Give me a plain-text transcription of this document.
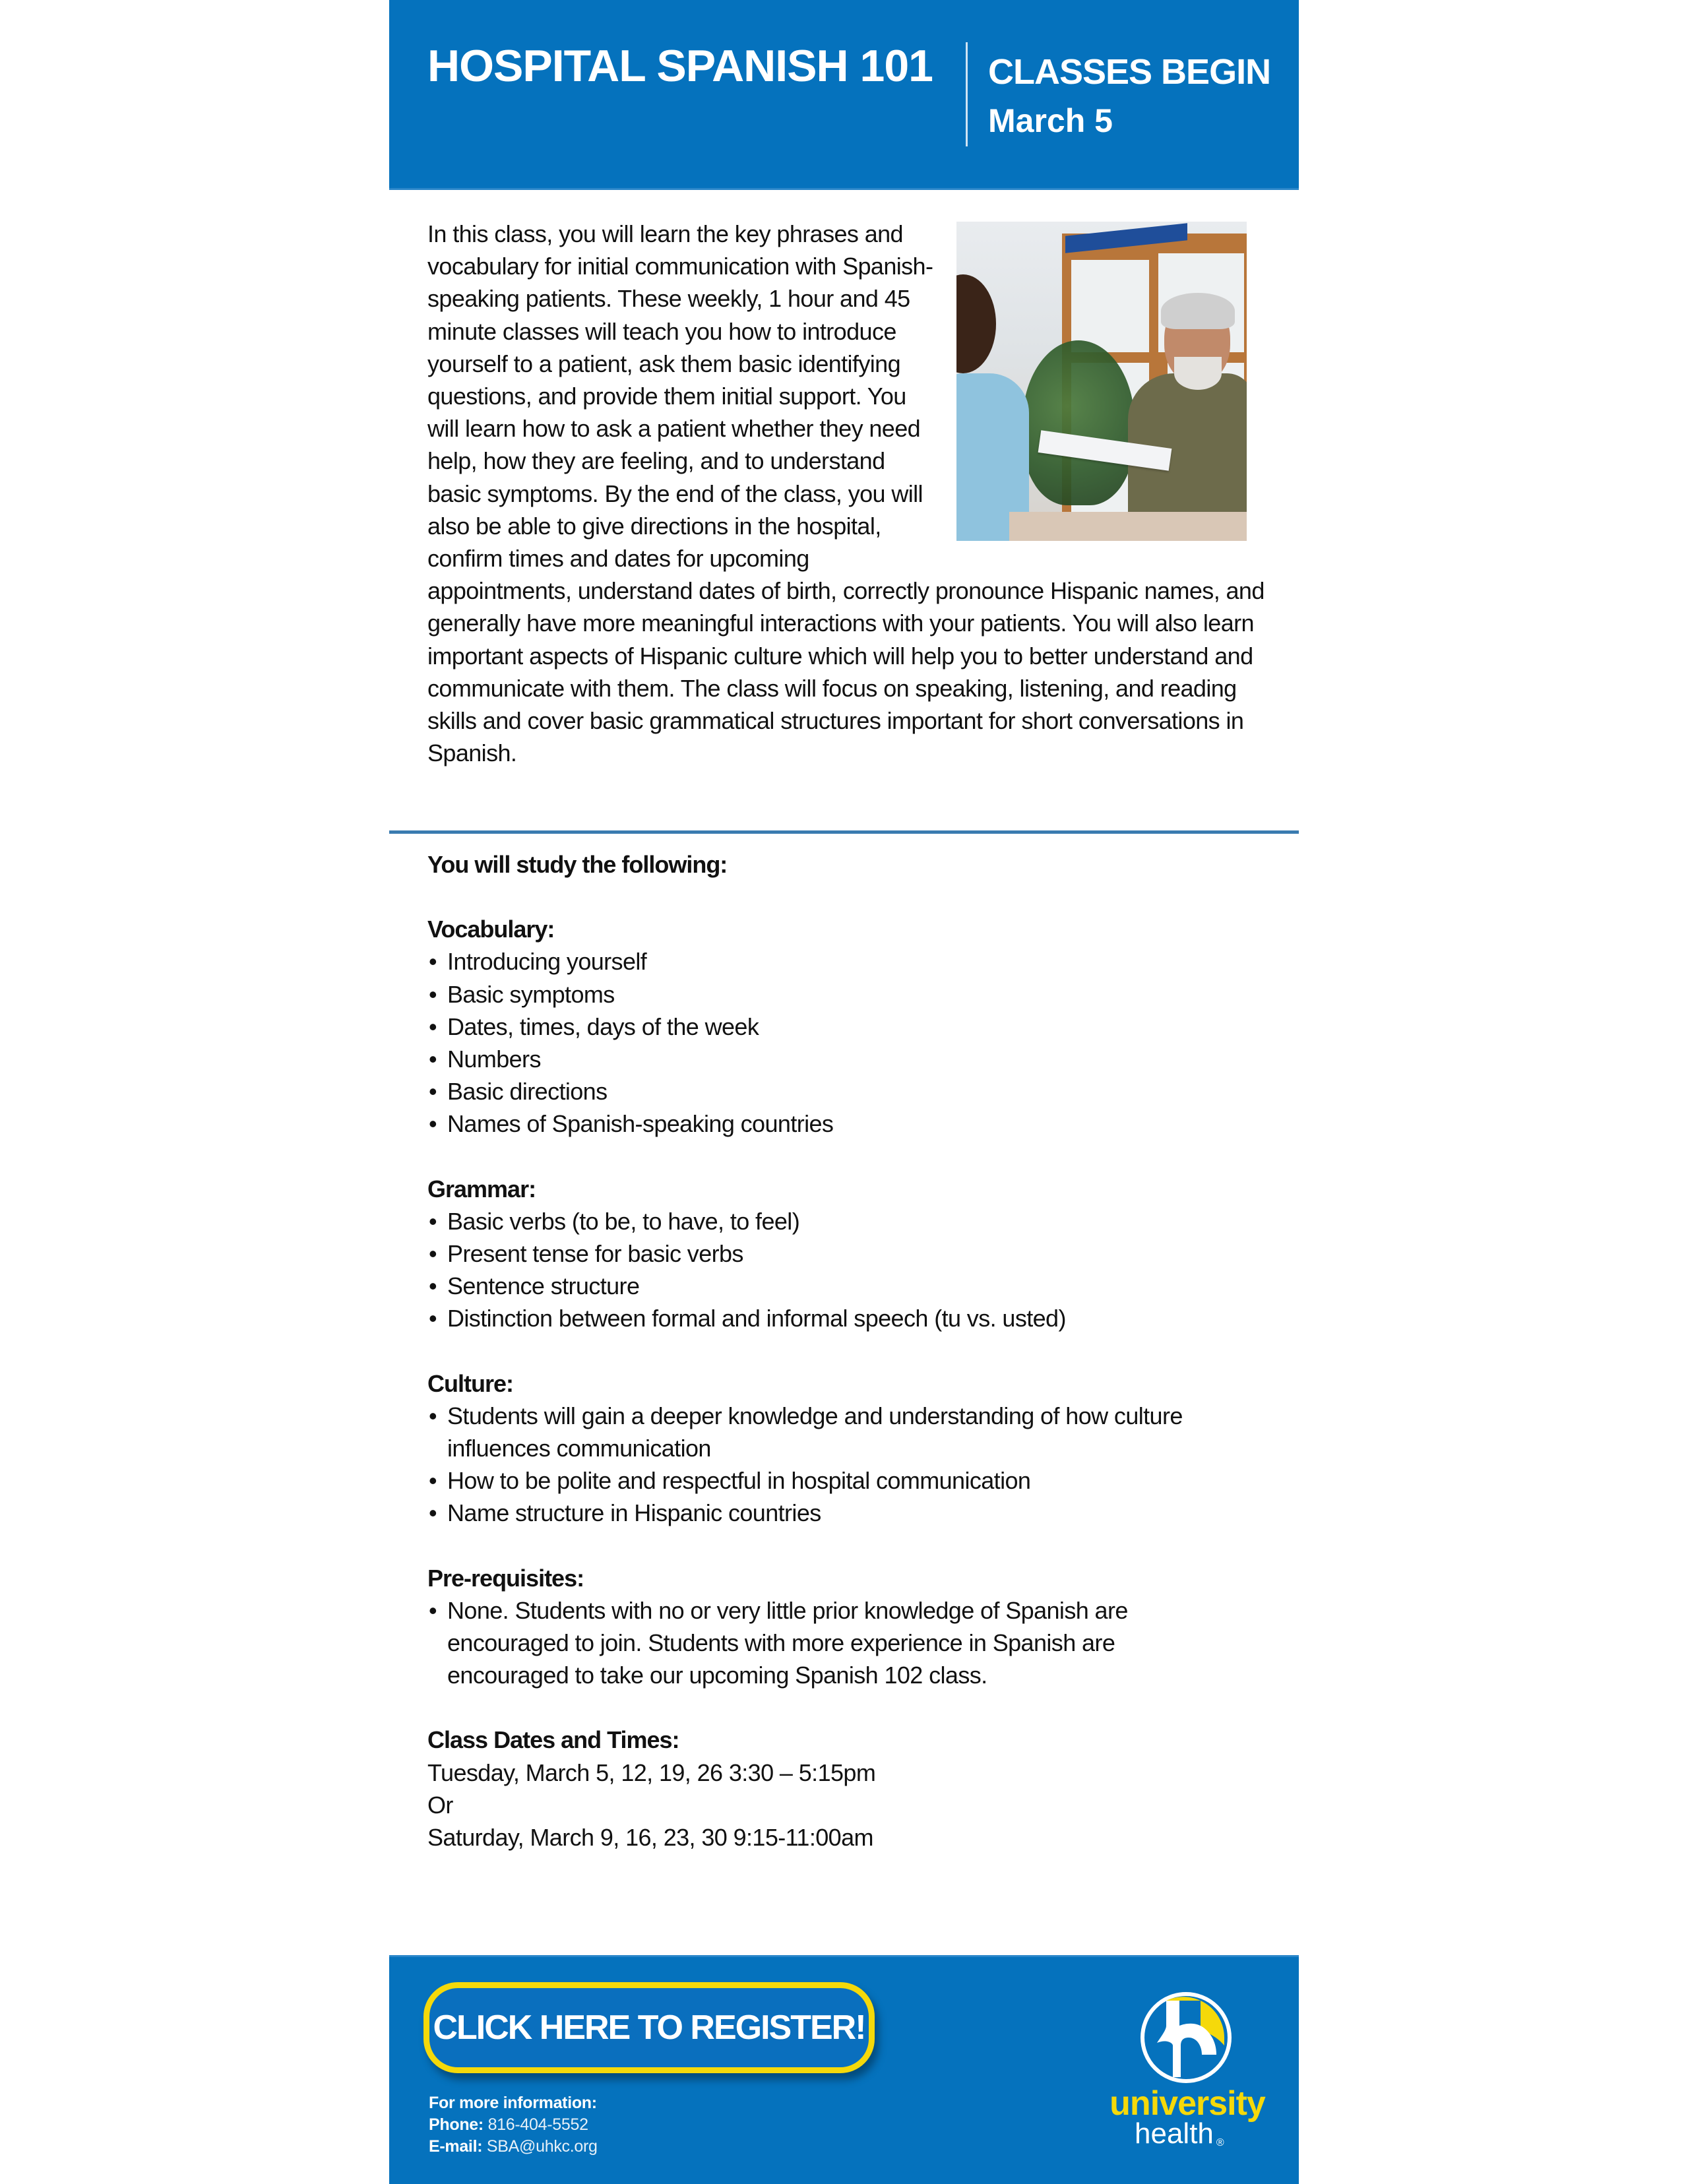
HOSPITAL SPANISH 101 CLASSES BEGIN
March 5

In this class, you will learn the key phrases and vocabulary for initial communication with Spanish-speaking patients. These weekly, 1 hour and 45 minute classes will teach you how to introduce yourself to a patient, ask them basic identifying questions, and provide them initial support. You will learn how to ask a patient whether they need help, how they are feeling, and to understand basic symptoms. By the end of the class, you will also be able to give directions in the hospital, confirm times and dates for upcoming appointments, understand dates of birth, correctly pronounce Hispanic names, and generally have more meaningful interactions with your patients. You will also learn important aspects of Hispanic culture which will help you to better understand and communicate with them. The class will focus on speaking, listening, and reading skills and cover basic grammatical structures important for short conversations in Spanish.

You will study the following:
Vocabulary:
• Introducing yourself
• Basic symptoms
• Dates, times, days of the week
• Numbers
• Basic directions
• Names of Spanish-speaking countries
Grammar:
• Basic verbs (to be, to have, to feel)
• Present tense for basic verbs
• Sentence structure
• Distinction between formal and informal speech (tu vs. usted)
Culture:
• Students will gain a deeper knowledge and understanding of how culture influences communication
• How to be polite and respectful in hospital communication
• Name structure in Hispanic countries
Pre-requisites:
• None. Students with no or very little prior knowledge of Spanish are encouraged to join. Students with more experience in Spanish are encouraged to take our upcoming Spanish 102 class.
Class Dates and Times:

Tuesday, March 5, 12, 19, 26 3:30 – 5:15pm

Or

Saturday, March 9, 16, 23, 30 9:15-11:00am

CLICK HERE TO REGISTER!
For more information:
Phone: 816-404-5552
E-mail: SBA@uhkc.org
university
health ®
